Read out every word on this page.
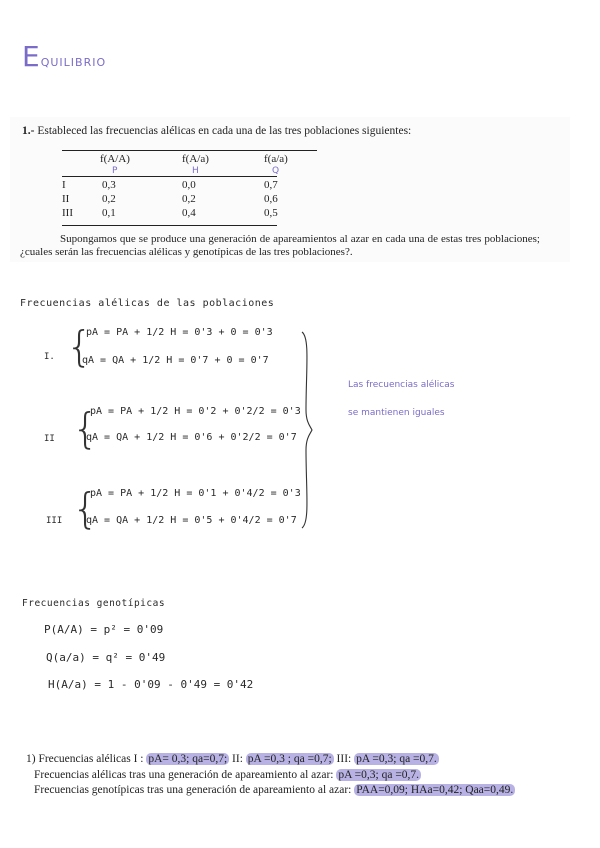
Equilibrio
1.- Estableced las frecuencias alélicas en cada una de las tres poblaciones siguientes:
f(A/A)	f(A/a)	f(a/a)
P	H	Q
I	0,3	0,0	0,7
II	0,2	0,2	0,6
III	0,1	0,4	0,5
Supongamos que se produce una generación de apareamientos al azar en cada una de estas tres poblaciones; ¿cuales serán las frecuencias alélicas y genotípicas de las tres poblaciones?.
Frecuencias alélicas de las poblaciones
I. {
pA = PA + 1/2 H = 0'3 + 0 = 0'3
qA = QA + 1/2 H = 0'7 + 0 = 0'7
II {
pA = PA + 1/2 H = 0'2 + 0'2/2 = 0'3
qA = QA + 1/2 H = 0'6 + 0'2/2 = 0'7
III {
pA = PA + 1/2 H = 0'1 + 0'4/2 = 0'3
qA = QA + 1/2 H = 0'5 + 0'4/2 = 0'7
Las frecuencias alélicas
se mantienen iguales
Frecuencias genotípicas
P(A/A) = p² = 0'09
Q(a/a) = q² = 0'49
H(A/a) = 1 - 0'09 - 0'49 = 0'42
1) Frecuencias alélicas I : pA= 0,3; qa=0,7; II: pA =0,3 ; qa =0,7; III: pA =0,3; qa =0,7.
Frecuencias alélicas tras una generación de apareamiento al azar: pA =0,3; qa =0,7.
Frecuencias genotípicas tras una generación de apareamiento al azar: PAA=0,09; HAa=0,42; Qaa=0,49.
